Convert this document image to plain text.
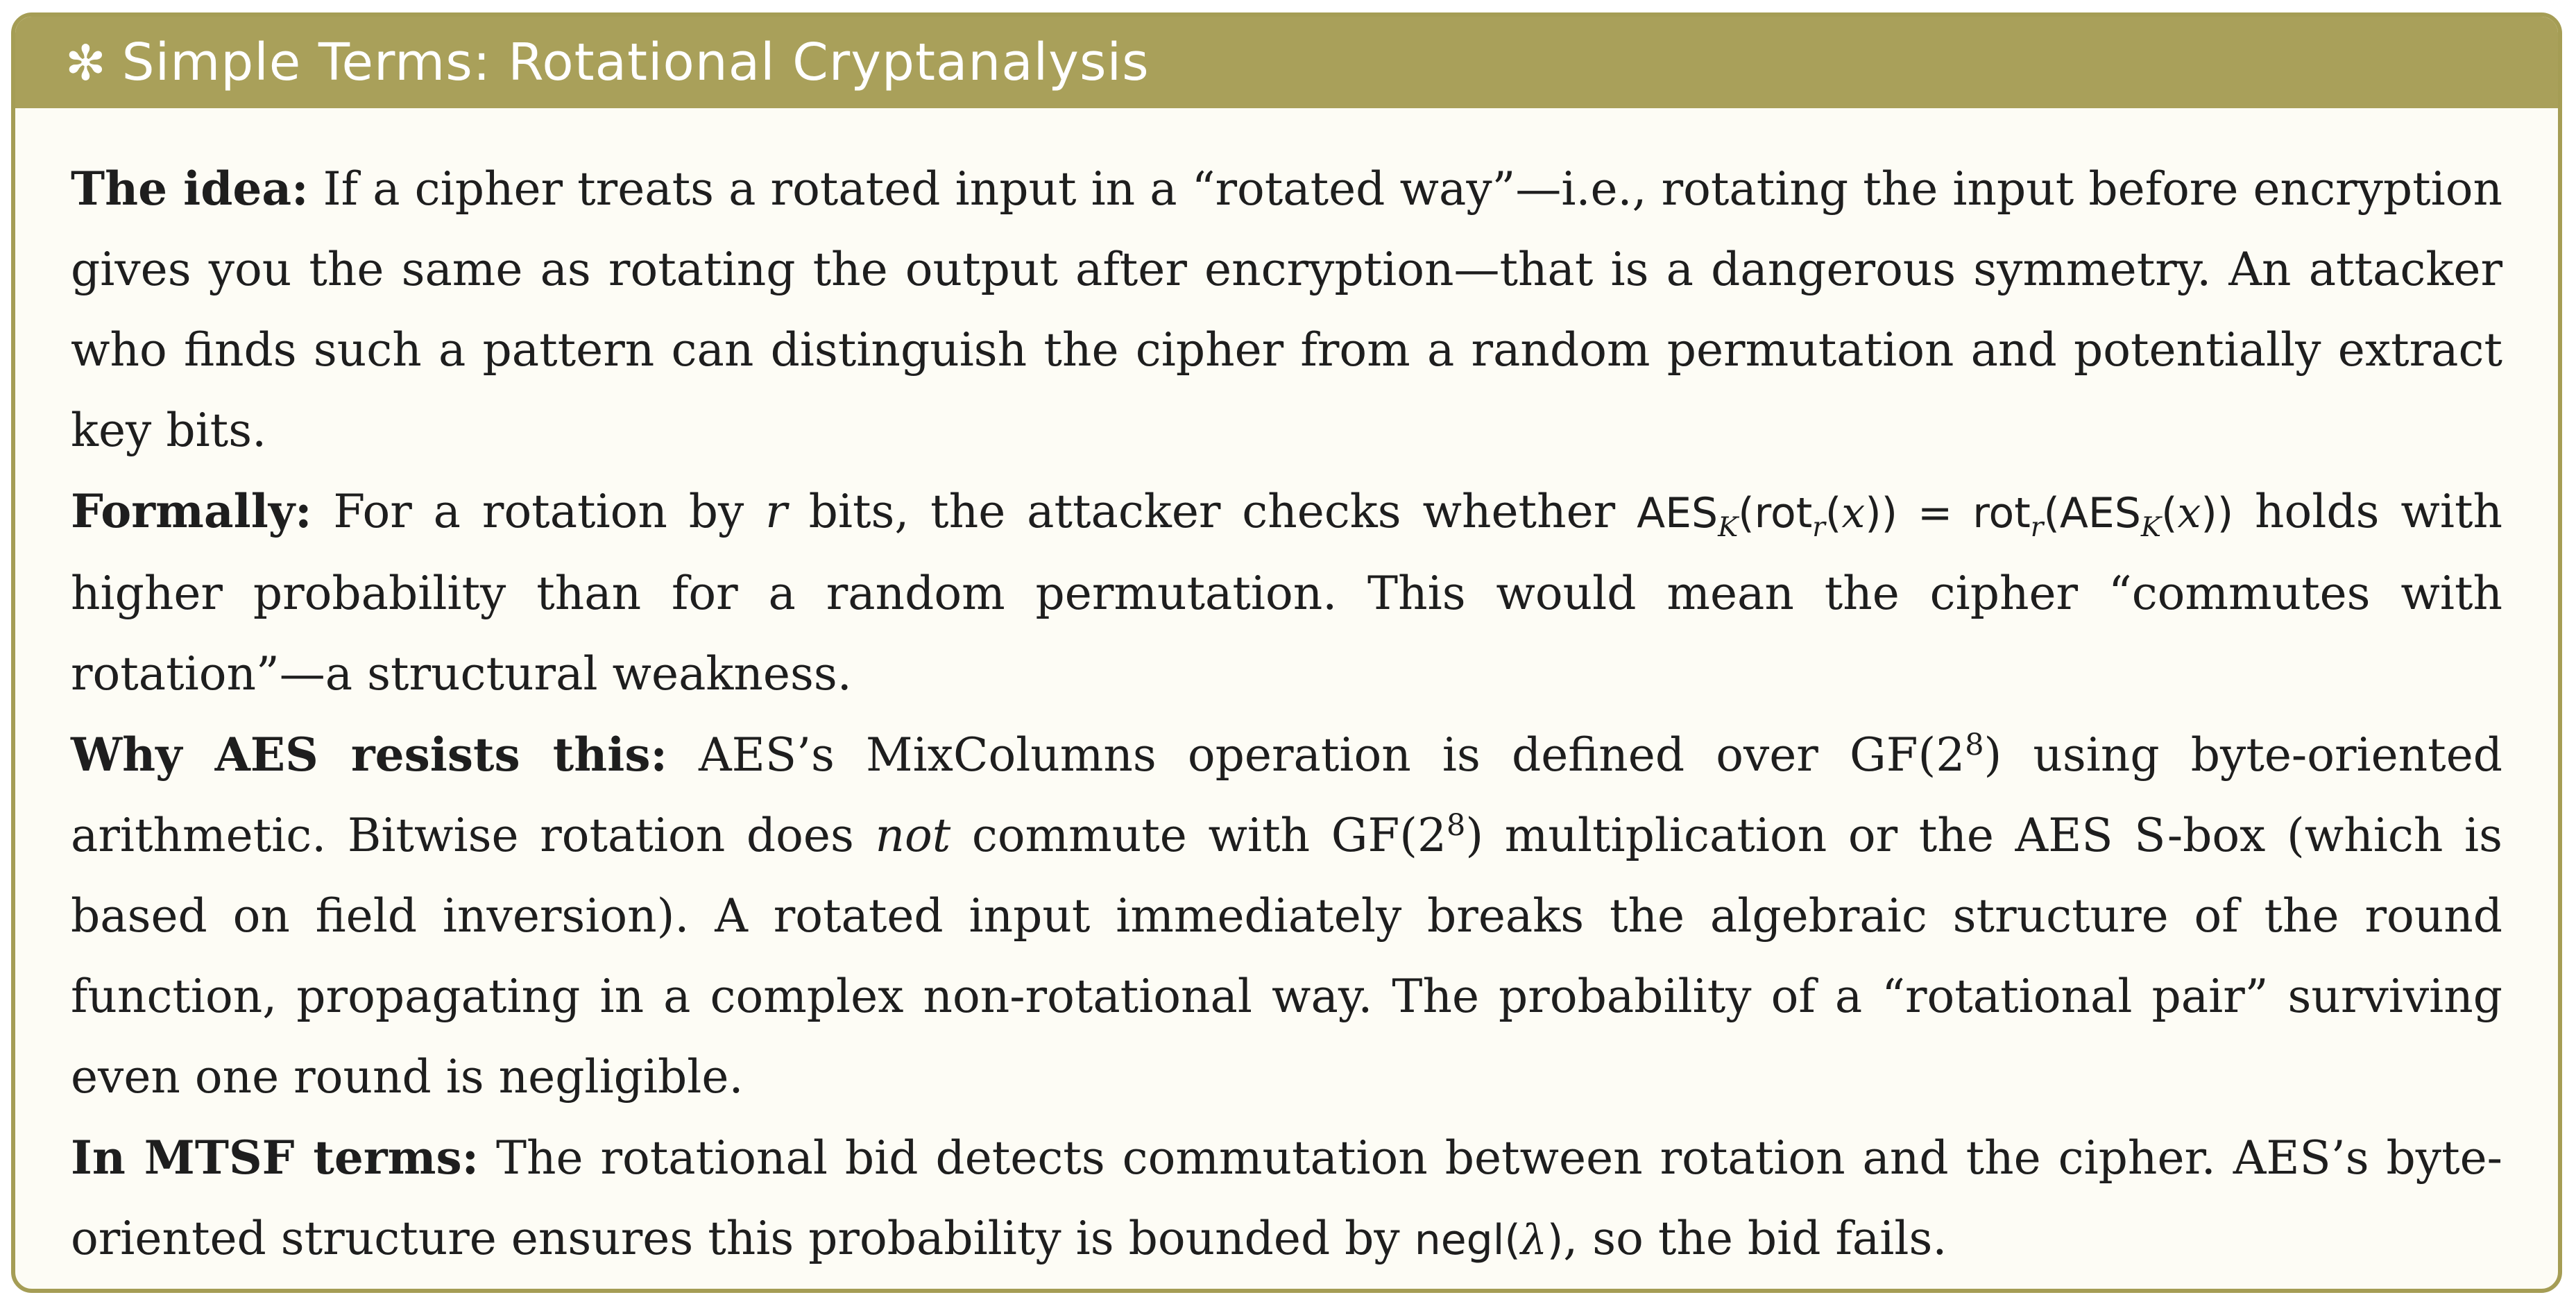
✻ Simple Terms: Rotational Cryptanalysis

The idea: If a cipher treats a rotated input in a “rotated way”—i.e., rotating the input before encryption gives you the same as rotating the output after encryption—that is a dangerous symmetry. An attacker who finds such a pattern can distinguish the cipher from a random permutation and potentially extract key bits.

Formally: For a rotation by r bits, the attacker checks whether $AES_K(rot_r(x)) = rot_r(AES_K(x))$ holds with higher probability than for a random permutation. This would mean the cipher “commutes with rotation”—a structural weakness.

Why AES resists this: AES’s MixColumns operation is defined over $GF(2^8)$ using byte-oriented arithmetic. Bitwise rotation does not commute with $GF(2^8)$ multiplication or the AES S-box (which is based on field inversion). A rotated input immediately breaks the algebraic structure of the round function, propagating in a complex non-rotational way. The probability of a “rotational pair” surviving even one round is negligible.

In MTSF terms: The rotational bid detects commutation between rotation and the cipher. AES’s byte-oriented structure ensures this probability is bounded by negl(λ), so the bid fails.
